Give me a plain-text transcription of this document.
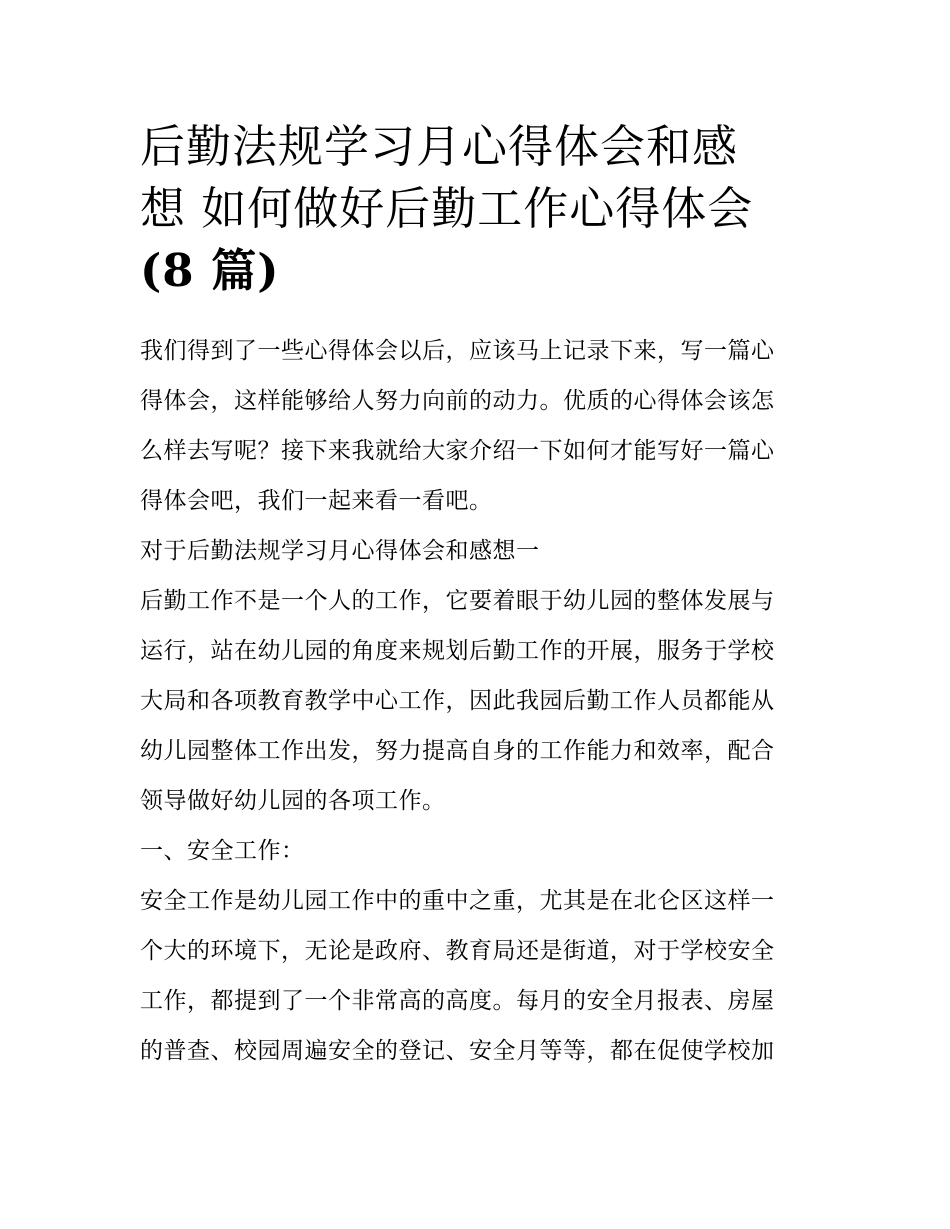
后勤法规学习月心得体会和感
想 如何做好后勤工作心得体会
(8 篇)
我们得到了一些心得体会以后，应该马上记录下来，写一篇心
得体会，这样能够给人努力向前的动力。优质的心得体会该怎
么样去写呢？接下来我就给大家介绍一下如何才能写好一篇心
得体会吧，我们一起来看一看吧。
对于后勤法规学习月心得体会和感想一
后勤工作不是一个人的工作，它要着眼于幼儿园的整体发展与
运行，站在幼儿园的角度来规划后勤工作的开展，服务于学校
大局和各项教育教学中心工作，因此我园后勤工作人员都能从
幼儿园整体工作出发，努力提高自身的工作能力和效率，配合
领导做好幼儿园的各项工作。
一、安全工作：
安全工作是幼儿园工作中的重中之重，尤其是在北仑区这样一
个大的环境下，无论是政府、教育局还是街道，对于学校安全
工作，都提到了一个非常高的高度。每月的安全月报表、房屋
的普查、校园周遍安全的登记、安全月等等，都在促使学校加
